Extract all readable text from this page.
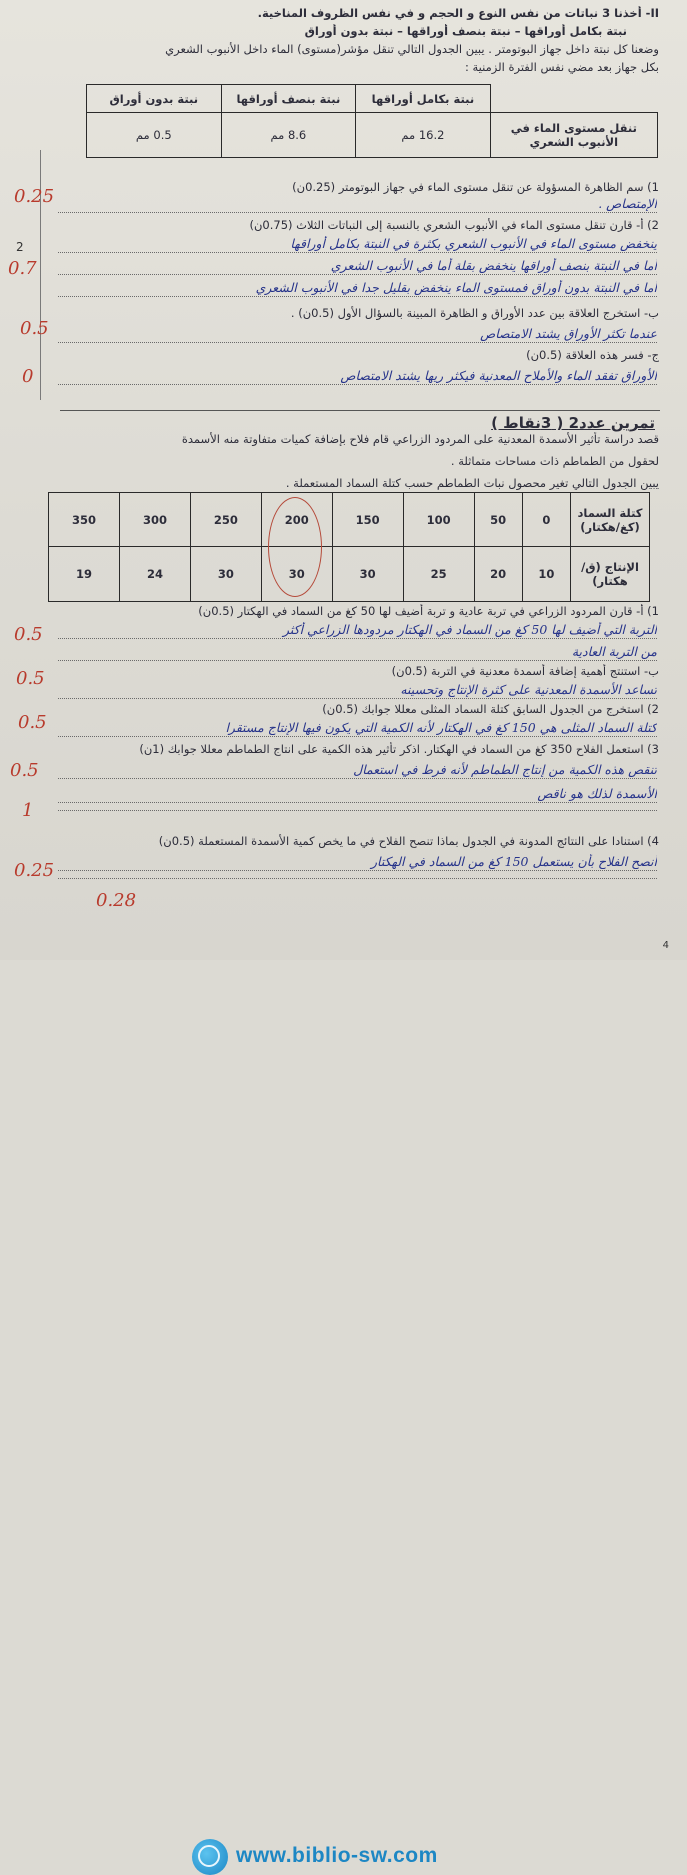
II- أخذنا 3 نباتات من نفس النوع و الحجم و في نفس الظروف المناخية.
نبتة بكامل أوراقها – نبتة بنصف أوراقها – نبتة بدون أوراق
وضعنا كل نبتة داخل جهاز البوتومتر . يبين الجدول التالي تنقل مؤشر(مستوى) الماء داخل الأنبوب الشعري
بكل جهاز بعد مضي نفس الفترة الزمنية :
	نبتة بكامل أوراقها	نبتة بنصف أوراقها	نبتة بدون أوراق
تنقل مستوى الماء في الأنبوب الشعري	16.2 مم	8.6 مم	0.5 مم
1) سم الظاهرة المسؤولة عن تنقل مستوى الماء في جهاز البوتومتر (0.25ن)
الإمتصاص .
2) أ- قارن تنقل مستوى الماء في الأنبوب الشعري بالنسبة إلى النباتات الثلاث (0.75ن)
ينخفض مستوى الماء في الأنبوب الشعري بكثرة في النبتة بكامل أوراقها
أما في النبتة بنصف أوراقها ينخفض بقلة أما في الأنبوب الشعري
أما في النبتة بدون أوراق فمستوى الماء ينخفض بقليل جدا في الأنبوب الشعري
ب- استخرج العلاقة بين عدد الأوراق و الظاهرة المبينة بالسؤال الأول (0.5ن) .
عندما تكثر الأوراق يشتد الامتصاص
ج- فسر هذه العلاقة (0.5ن)
الأوراق تفقد الماء والأملاح المعدنية فيكثر ريها يشتد الامتصاص
2
تمرين عدد2 ( 3نقاط )
قصد دراسة تأثير الأسمدة المعدنية على المردود الزراعي قام فلاح بإضافة كميات متفاوتة منه الأسمدة
لحقول من الطماطم ذات مساحات متماثلة .
يبين الجدول التالي تغير محصول نبات الطماطم حسب كتلة السماد المستعملة .
كتلة السماد (كغ/هكتار)	0	50	100	150	200	250	300	350
الإنتاج (ق/هكتار)	10	20	25	30	30	30	24	19
1) أ- قارن المردود الزراعي في تربة عادية و تربة أضيف لها 50 كغ من السماد في الهكتار (0.5ن)
التربة التي أضيف لها 50 كغ من السماد في الهكتار مردودها الزراعي أكثر
من التربة العادية
ب- استنتج أهمية إضافة أسمدة معدنية في التربة (0.5ن)
تساعد الأسمدة المعدنية على كثرة الإنتاج وتحسينه
2) استخرج من الجدول السابق كتلة السماد المثلى معللا جوابك (0.5ن)
كتلة السماد المثلى هي 150 كغ في الهكتار لأنه الكمية التي يكون فيها الإنتاج مستقرا
3) استعمل الفلاح 350 كغ من السماد في الهكتار. اذكر تأثير هذه الكمية على انتاج الطماطم معللا جوابك (1ن)
تنقص هذه الكمية من إنتاج الطماطم لأنه فرط في استعمال
الأسمدة لذلك هو ناقص
4) استنادا على النتائج المدونة في الجدول بماذا تنصح الفلاح في ما يخص كمية الأسمدة المستعملة (0.5ن)
أنصح الفلاح بأن يستعمل 150 كغ من السماد في الهكتار
0.25
0.7
0.5
0
0.5
0.5
0.5
0.5
1
0.25
0.28
www.biblio-sw.com
4
